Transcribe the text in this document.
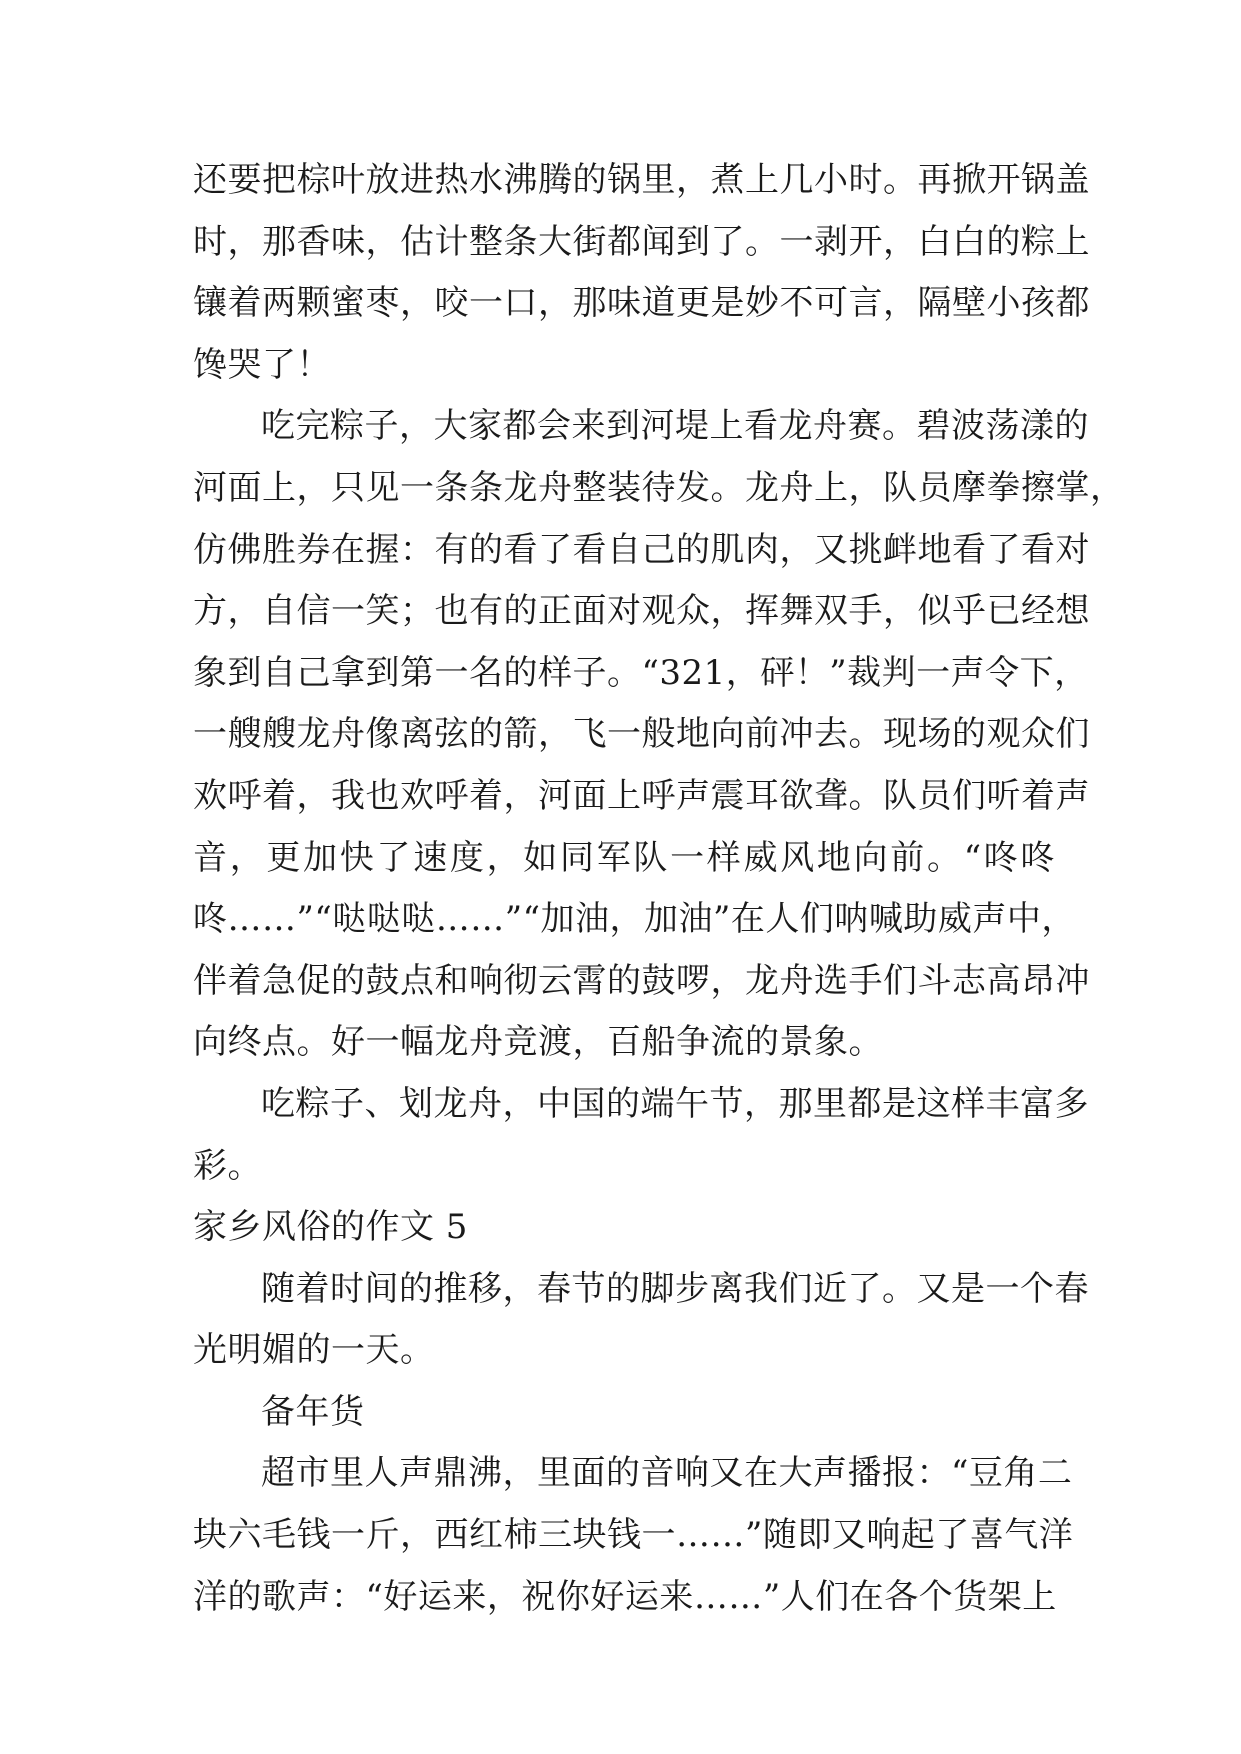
还要把棕叶放进热水沸腾的锅里，煮上几小时。再掀开锅盖
时，那香味，估计整条大街都闻到了。一剥开，白白的粽上
镶着两颗蜜枣，咬一口，那味道更是妙不可言，隔壁小孩都
馋哭了！
吃完粽子，大家都会来到河堤上看龙舟赛。碧波荡漾的
河面上，只见一条条龙舟整装待发。龙舟上，队员摩拳擦掌，
仿佛胜券在握：有的看了看自己的肌肉，又挑衅地看了看对
方，自信一笑；也有的正面对观众，挥舞双手，似乎已经想
象到自己拿到第一名的样子。“321，砰！”裁判一声令下，
一艘艘龙舟像离弦的箭，飞一般地向前冲去。现场的观众们
欢呼着，我也欢呼着，河面上呼声震耳欲聋。队员们听着声
音，更加快了速度，如同军队一样威风地向前。“咚咚
咚……”“哒哒哒……”“加油，加油”在人们呐喊助威声中，
伴着急促的鼓点和响彻云霄的鼓啰，龙舟选手们斗志高昂冲
向终点。好一幅龙舟竞渡，百船争流的景象。
吃粽子、划龙舟，中国的端午节，那里都是这样丰富多
彩。
家乡风俗的作文 5
随着时间的推移，春节的脚步离我们近了。又是一个春
光明媚的一天。
备年货
超市里人声鼎沸，里面的音响又在大声播报：“豆角二
块六毛钱一斤，西红柿三块钱一……”随即又响起了喜气洋
洋的歌声：“好运来，祝你好运来……”人们在各个货架上
